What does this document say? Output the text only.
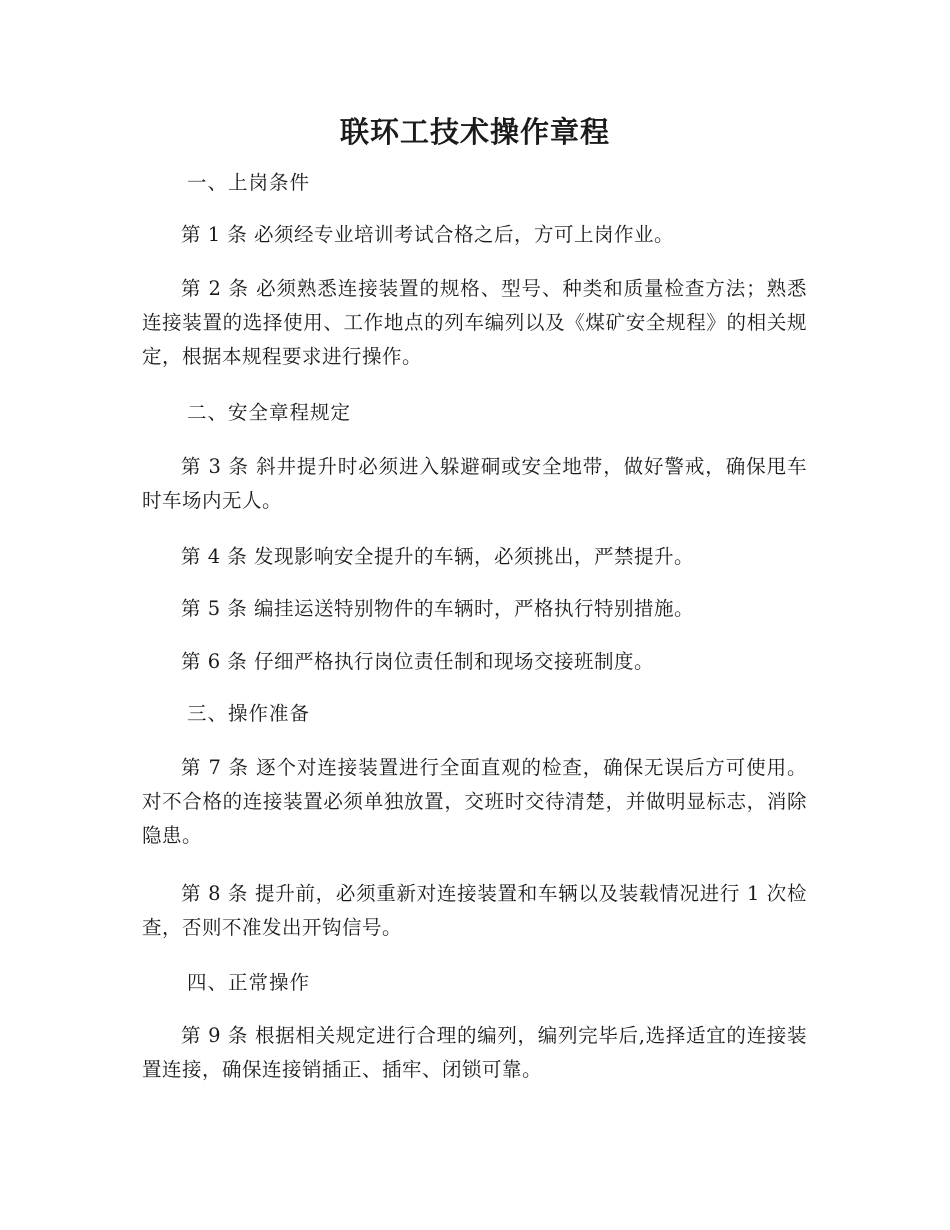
联环工技术操作章程

一、上岗条件

第 1 条 必须经专业培训考试合格之后，方可上岗作业。

第 2 条 必须熟悉连接装置的规格、型号、种类和质量检查方法；熟悉连接装置的选择使用、工作地点的列车编列以及《煤矿安全规程》的相关规定，根据本规程要求进行操作。

二、安全章程规定

第 3 条 斜井提升时必须进入躲避硐或安全地带，做好警戒，确保甩车时车场内无人。

第 4 条 发现影响安全提升的车辆，必须挑出，严禁提升。

第 5 条 编挂运送特别物件的车辆时，严格执行特别措施。

第 6 条 仔细严格执行岗位责任制和现场交接班制度。

三、操作准备

第 7 条 逐个对连接装置进行全面直观的检查，确保无误后方可使用。对不合格的连接装置必须单独放置，交班时交待清楚，并做明显标志，消除隐患。

第 8 条 提升前，必须重新对连接装置和车辆以及装载情况进行 1 次检查，否则不准发出开钩信号。

四、正常操作

第 9 条 根据相关规定进行合理的编列，编列完毕后,选择适宜的连接装置连接，确保连接销插正、插牢、闭锁可靠。
